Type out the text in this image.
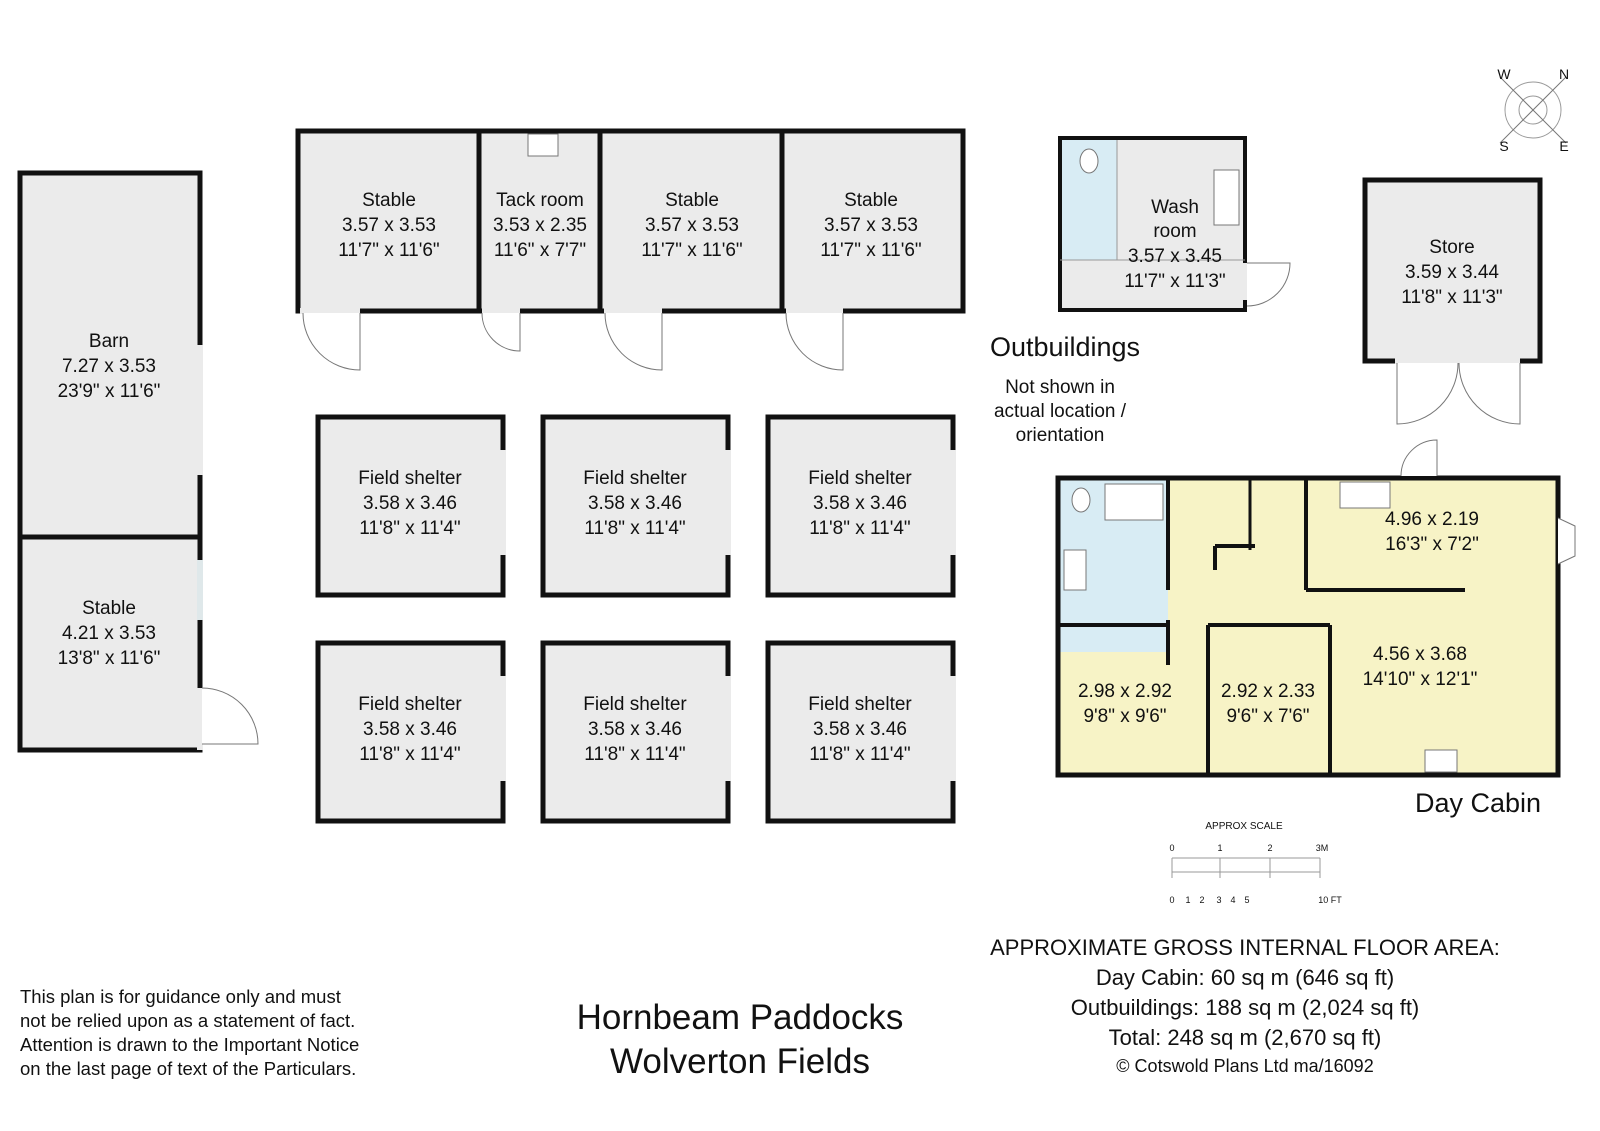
Barn
7.27 x 3.53
23'9" x 11'6"
Stable
4.21 x 3.53
13'8" x 11'6"
Stable
3.57 x 3.53
11'7" x 11'6"
Tack room
3.53 x 2.35
11'6" x 7'7"
Stable
3.57 x 3.53
11'7" x 11'6"
Stable
3.57 x 3.53
11'7" x 11'6"
Wash
room
3.57 x 3.45
11'7" x 11'3"
Store
3.59 x 3.44
11'8" x 11'3"
Field shelter
3.58 x 3.46
11'8" x 11'4"
Field shelter
3.58 x 3.46
11'8" x 11'4"
Field shelter
3.58 x 3.46
11'8" x 11'4"
Field shelter
3.58 x 3.46
11'8" x 11'4"
Field shelter
3.58 x 3.46
11'8" x 11'4"
Field shelter
3.58 x 3.46
11'8" x 11'4"
4.96 x 2.19
16'3" x 7'2"
4.56 x 3.68
14'10" x 12'1"
2.98 x 2.92
9'8" x 9'6"
2.92 x 2.33
9'6" x 7'6"
W	N
S	E
APPROX SCALE
0	1	2	3M
0 1 2 3 4 5	10 FT
Outbuildings
Not shown in
actual location /
orientation
Day Cabin
This plan is for guidance only and must
not be relied upon as a statement of fact.
Attention is drawn to the Important Notice
on the last page of text of the Particulars.
Hornbeam Paddocks
Wolverton Fields
APPROXIMATE GROSS INTERNAL FLOOR AREA:
Day Cabin: 60 sq m (646 sq ft)
Outbuildings: 188 sq m (2,024 sq ft)
Total: 248 sq m (2,670 sq ft)
© Cotswold Plans Ltd ma/16092
